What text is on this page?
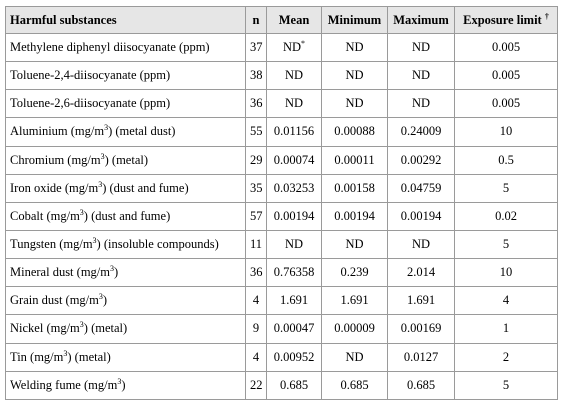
Harmful substances	n	Mean	Minimum	Maximum	Exposure limit †
Methylene diphenyl diisocyanate (ppm)	37	ND*	ND	ND	0.005
Toluene-2,4-diisocyanate (ppm)	38	ND	ND	ND	0.005
Toluene-2,6-diisocyanate (ppm)	36	ND	ND	ND	0.005
Aluminium $(mg/m^3)$ (metal dust)	55	0.01156	0.00088	0.24009	10
Chromium $(mg/m^3)$ (metal)	29	0.00074	0.00011	0.00292	0.5
Iron oxide $(mg/m^3)$ (dust and fume)	35	0.03253	0.00158	0.04759	5
Cobalt $(mg/m^3)$ (dust and fume)	57	0.00194	0.00194	0.00194	0.02
Tungsten $(mg/m^3)$ (insoluble compounds)	11	ND	ND	ND	5
Mineral dust $(mg/m^3)$	36	0.76358	0.239	2.014	10
Grain dust $(mg/m^3)$	4	1.691	1.691	1.691	4
Nickel $(mg/m^3)$ (metal)	9	0.00047	0.00009	0.00169	1
Tin $(mg/m^3)$ (metal)	4	0.00952	ND	0.0127	2
Welding fume $(mg/m^3)$	22	0.685	0.685	0.685	5
